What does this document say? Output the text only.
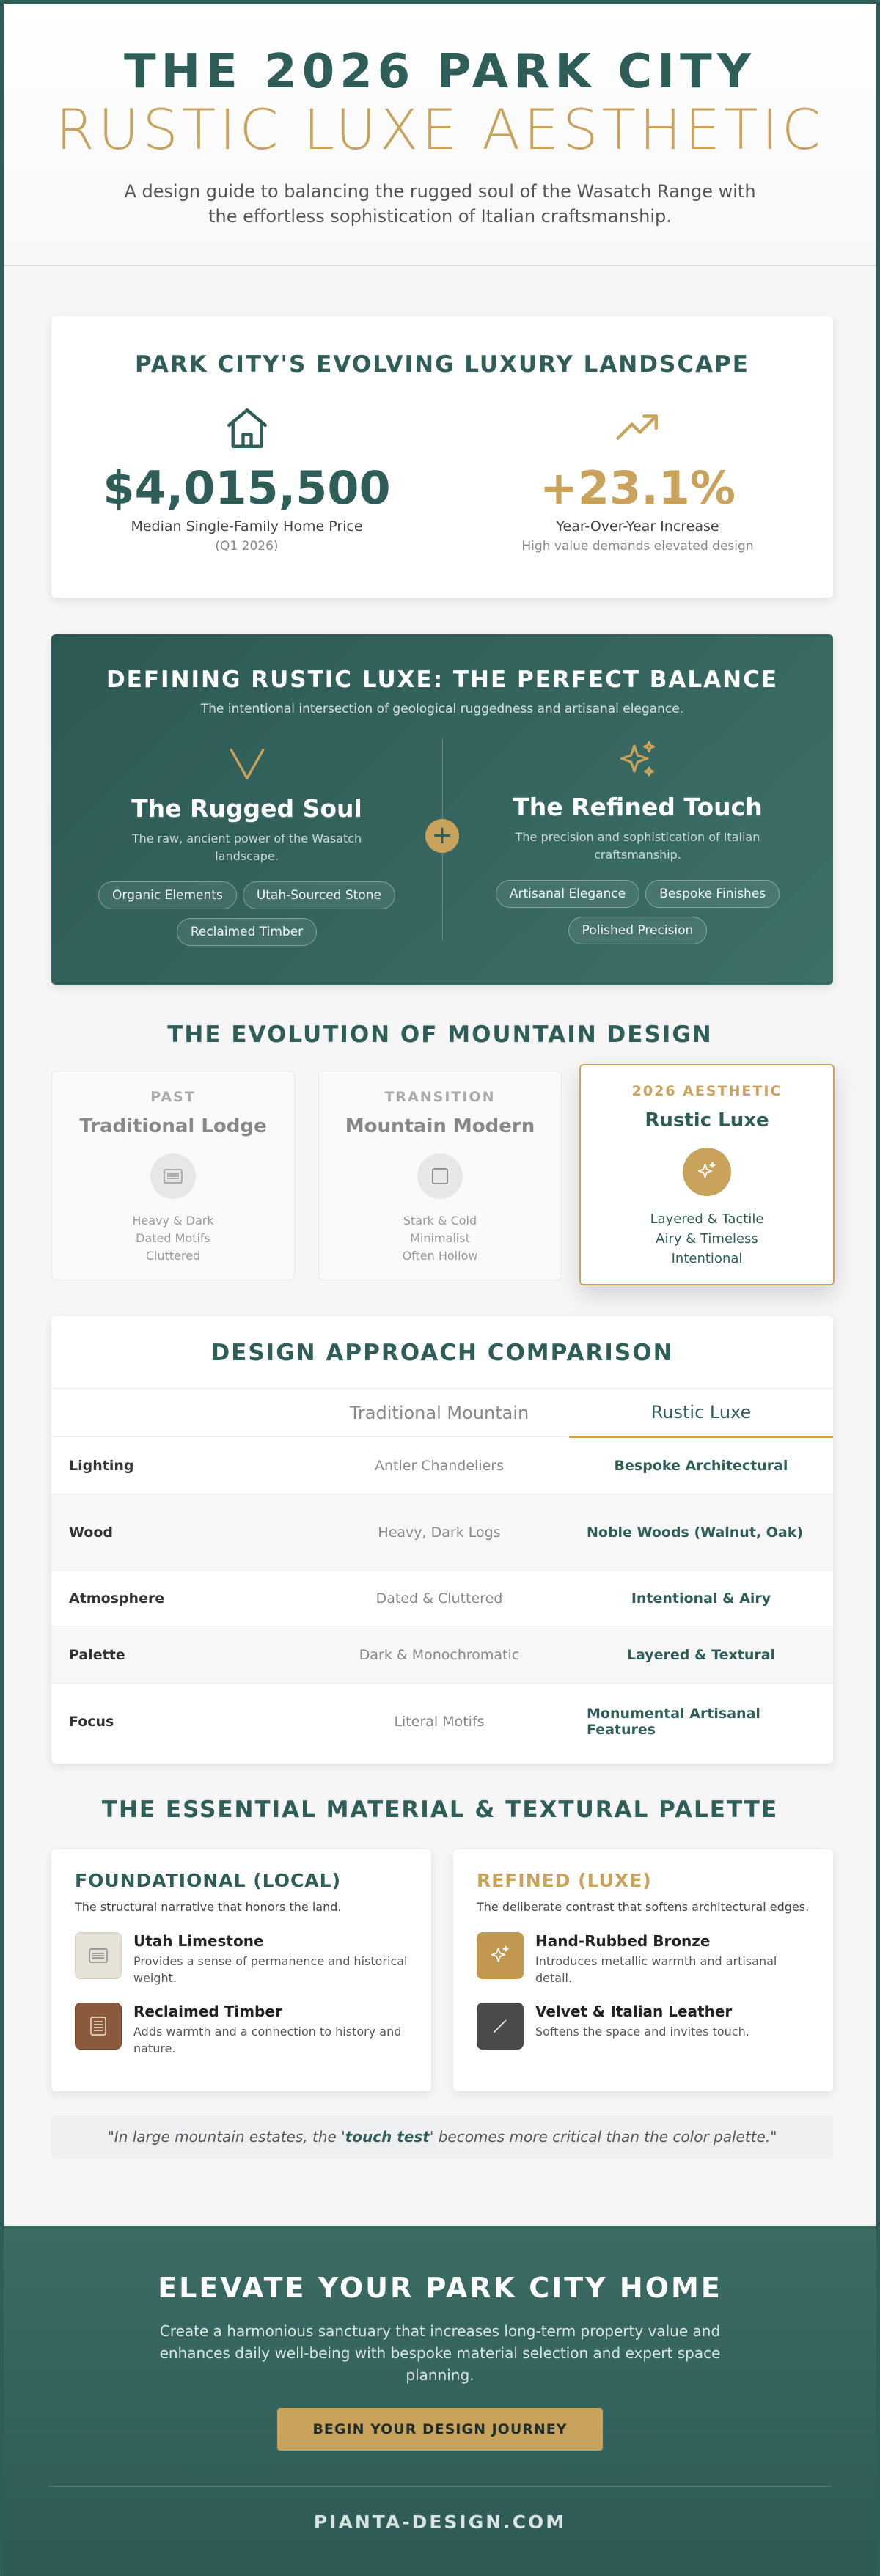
THE 2026 PARK CITY
RUSTIC LUXE AESTHETIC
A design guide to balancing the rugged soul of the Wasatch Range with the effortless sophistication of Italian craftsmanship.
PARK CITY'S EVOLVING LUXURY LANDSCAPE
$4,015,500
Median Single-Family Home Price
(Q1 2026)
+23.1%
Year-Over-Year Increase
High value demands elevated design
DEFINING RUSTIC LUXE: THE PERFECT BALANCE
The intentional intersection of geological ruggedness and artisanal elegance.
The Rugged Soul

The raw, ancient power of the Wasatch landscape.

Organic Elements	Utah-Sourced Stone
Reclaimed Timber
+
The Refined Touch

The precision and sophistication of Italian craftsmanship.

Artisanal Elegance	Bespoke Finishes
Polished Precision
THE EVOLUTION OF MOUNTAIN DESIGN
PAST
Traditional Lodge
Heavy & Dark
Dated Motifs
Cluttered
TRANSITION
Mountain Modern
Stark & Cold
Minimalist
Often Hollow
2026 AESTHETIC
Rustic Luxe
Layered & Tactile
Airy & Timeless
Intentional
DESIGN APPROACH COMPARISON
	Traditional Mountain	Rustic Luxe
Lighting	Antler Chandeliers	Bespoke Architectural
Wood	Heavy, Dark Logs	Noble Woods (Walnut, Oak)
Atmosphere	Dated & Cluttered	Intentional & Airy
Palette	Dark & Monochromatic	Layered & Textural
Focus	Literal Motifs	Monumental Artisanal Features
THE ESSENTIAL MATERIAL & TEXTURAL PALETTE
FOUNDATIONAL (LOCAL)
The structural narrative that honors the land.
Utah Limestone
Provides a sense of permanence and historical weight.
Reclaimed Timber
Adds warmth and a connection to history and nature.
REFINED (LUXE)
The deliberate contrast that softens architectural edges.
Hand-Rubbed Bronze
Introduces metallic warmth and artisanal detail.
Velvet & Italian Leather
Softens the space and invites touch.
"In large mountain estates, the 'touch test' becomes more critical than the color palette."
ELEVATE YOUR PARK CITY HOME

Create a harmonious sanctuary that increases long-term property value and enhances daily well-being with bespoke material selection and expert space planning.

BEGIN YOUR DESIGN JOURNEY
PIANTA-DESIGN.COM
